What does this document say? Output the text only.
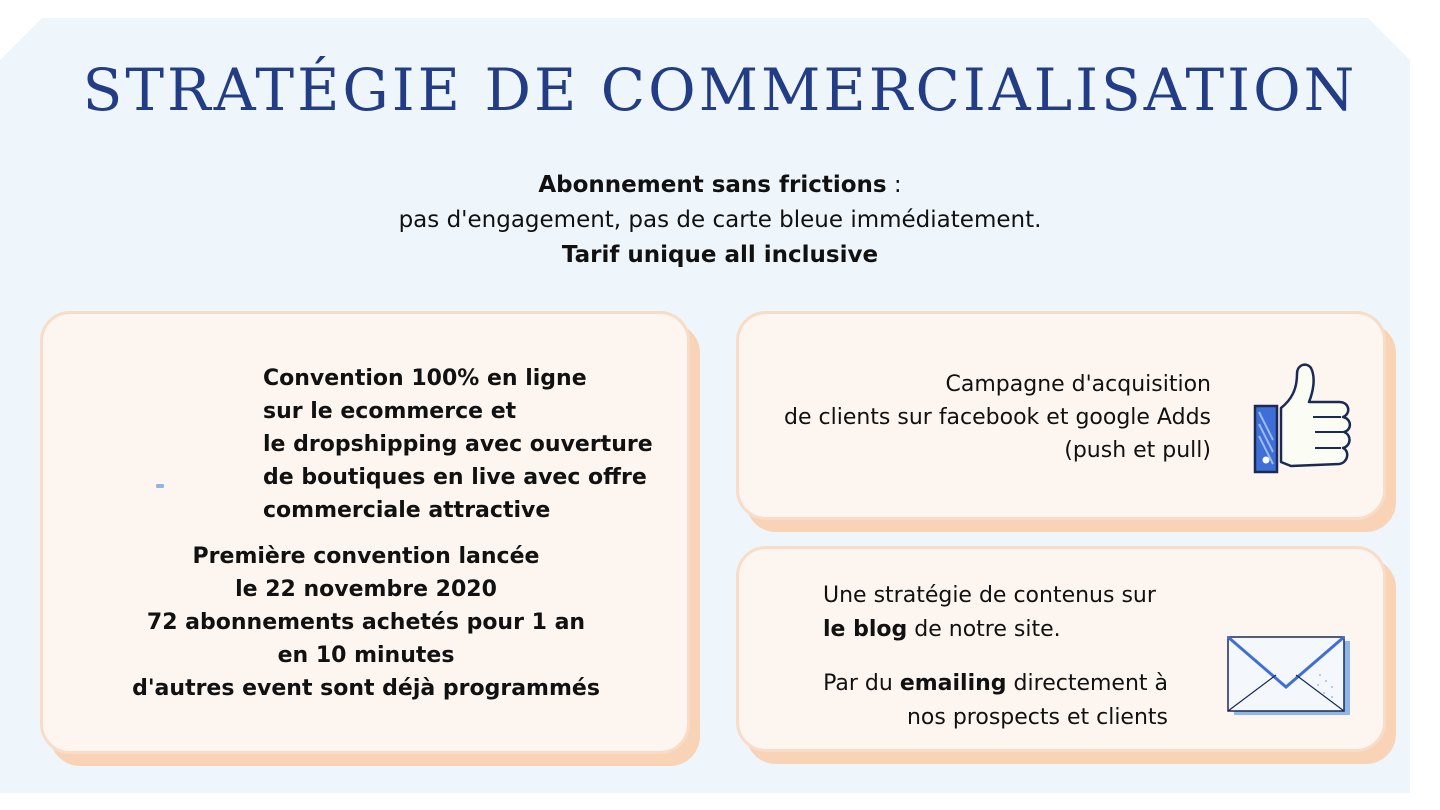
STRATÉGIE DE COMMERCIALISATION
Abonnement sans frictions :
pas d'engagement, pas de carte bleue immédiatement.
Tarif unique all inclusive
Convention 100% en ligne
sur le ecommerce et
le dropshipping avec ouverture
de boutiques en live avec offre
commerciale attractive
Première convention lancée
le 22 novembre 2020
72 abonnements achetés pour 1 an
en 10 minutes
d'autres event sont déjà programmés
Campagne d'acquisition
de clients sur facebook et google Adds
(push et pull)
Une stratégie de contenus sur
le blog de notre site.
Par du emailing directement à
nos prospects et clients
